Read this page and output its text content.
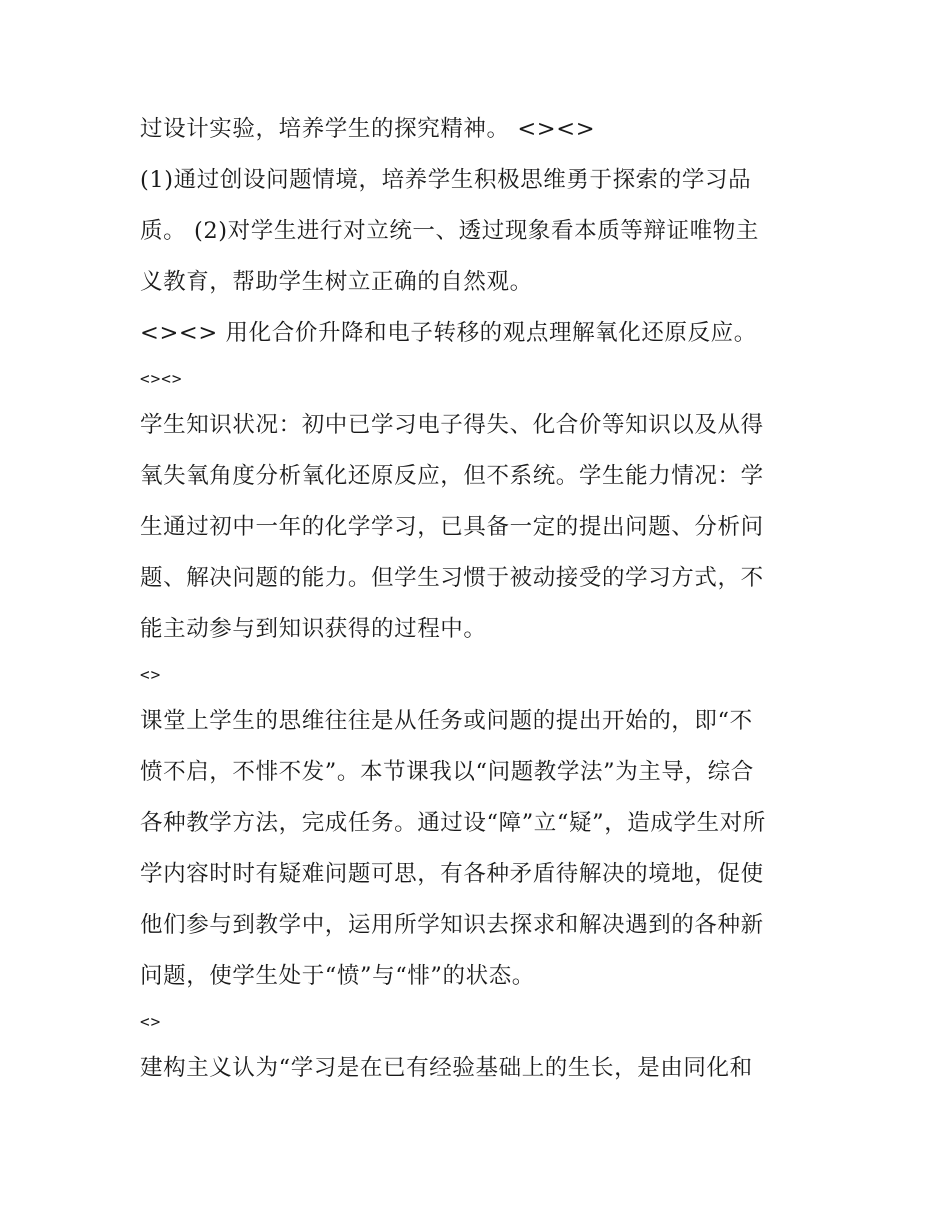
过设计实验，培养学生的探究精神。 <><>
(1)通过创设问题情境，培养学生积极思维勇于探索的学习品
质。 (2)对学生进行对立统一、透过现象看本质等辩证唯物主
义教育，帮助学生树立正确的自然观。
<><> 用化合价升降和电子转移的观点理解氧化还原反应。
<><>
学生知识状况：初中已学习电子得失、化合价等知识以及从得
氧失氧角度分析氧化还原反应，但不系统。学生能力情况：学
生通过初中一年的化学学习，已具备一定的提出问题、分析问
题、解决问题的能力。但学生习惯于被动接受的学习方式，不
能主动参与到知识获得的过程中。
<>
课堂上学生的思维往往是从任务或问题的提出开始的，即“不
愤不启，不悱不发”。本节课我以“问题教学法”为主导，综合
各种教学方法，完成任务。通过设“障”立“疑”，造成学生对所
学内容时时有疑难问题可思，有各种矛盾待解决的境地，促使
他们参与到教学中，运用所学知识去探求和解决遇到的各种新
问题，使学生处于“愤”与“悱”的状态。
<>
建构主义认为“学习是在已有经验基础上的生长，是由同化和
